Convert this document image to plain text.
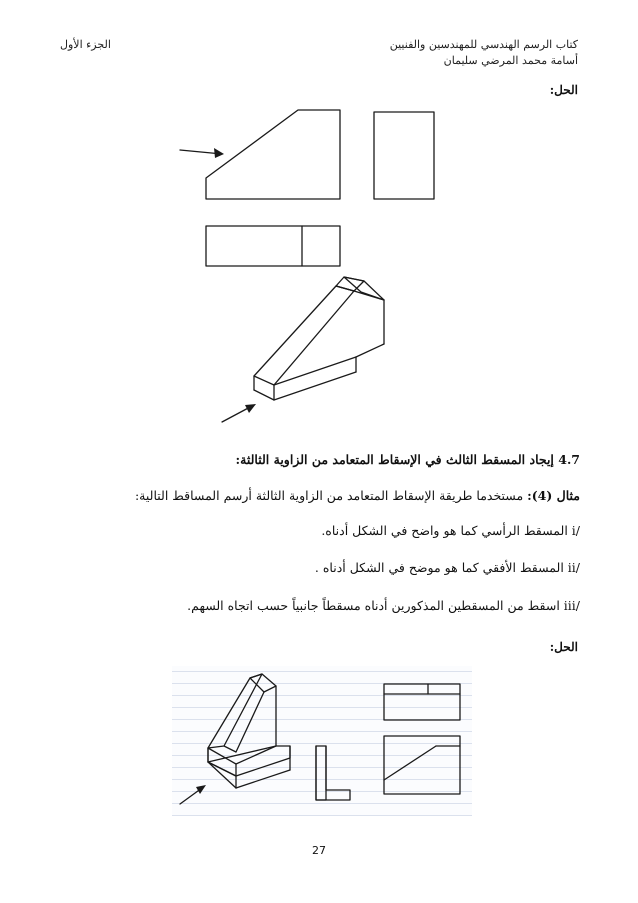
كتاب الرسم الهندسي للمهندسين والفنيين
أسامة محمد المرضي سليمان
الجزء الأول
الحل:
4.7 إيجاد المسقط الثالث في الإسقاط المتعامد من الزاوية الثالثة:
مثال (4): مستخدما طريقة الإسقاط المتعامد من الزاوية الثالثة أرسم المساقط التالية:
/i المسقط الرأسي كما هو واضح في الشكل أدناه.
/ii المسقط الأفقي كما هو موضح في الشكل أدناه .
/iii اسقط من المسقطين المذكورين أدناه مسقطاً جانبياً حسب اتجاه السهم.
الحل:
27
